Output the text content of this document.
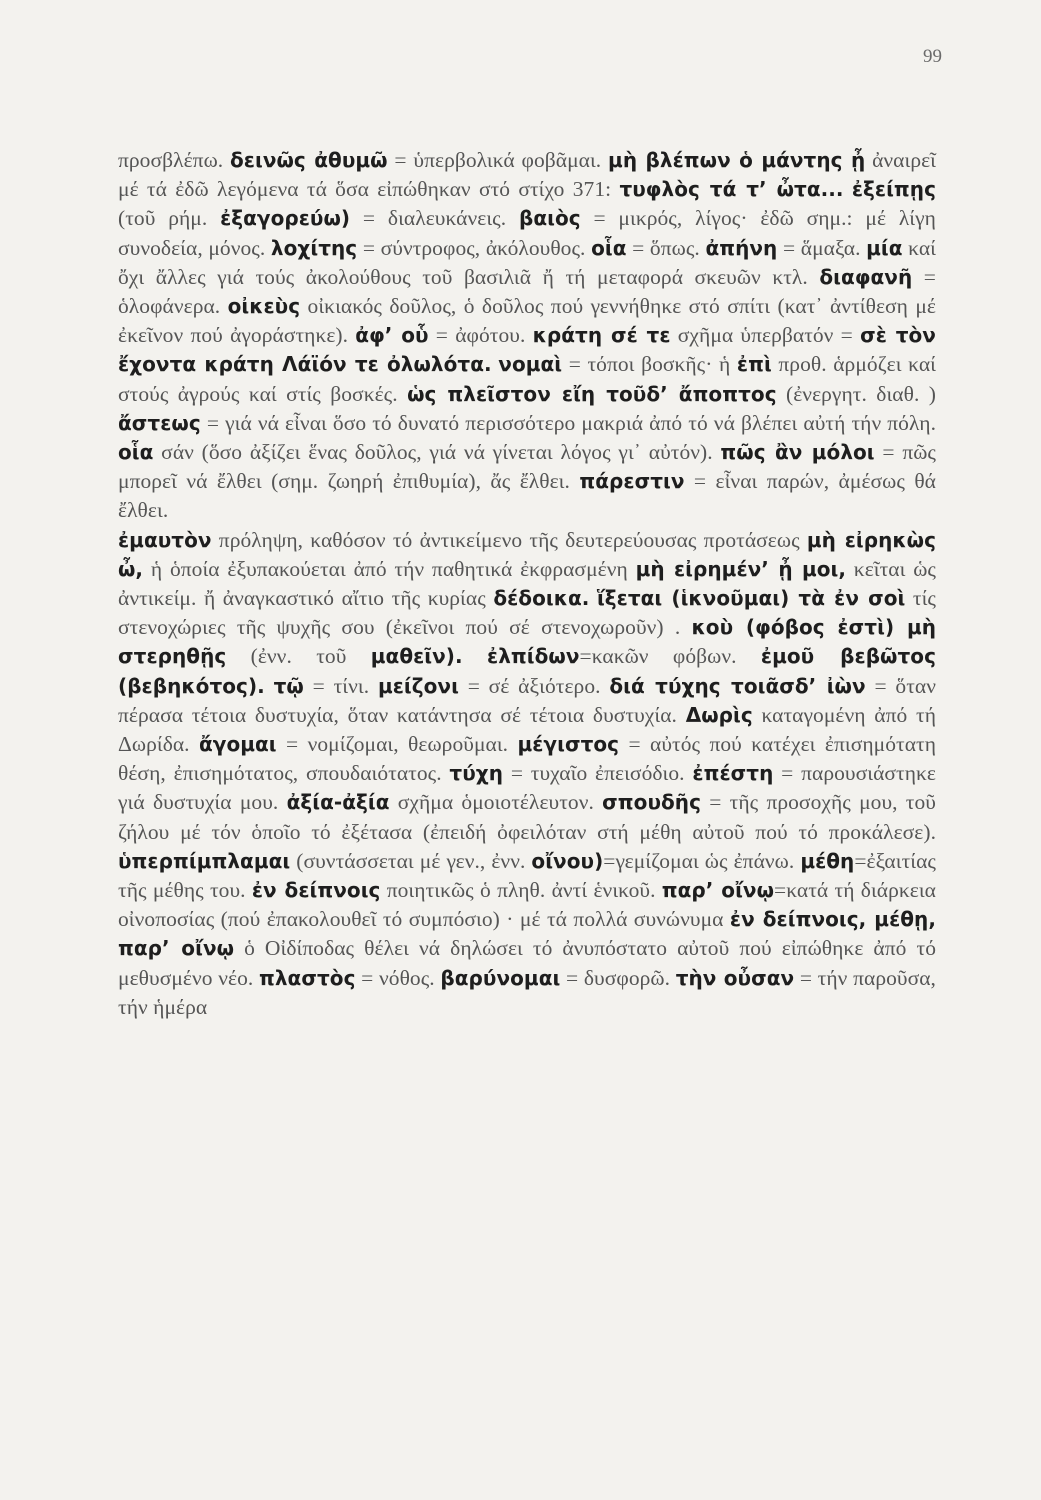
99

προσβλέπω. δεινῶς ἀθυμῶ = ὑπερβολικά φοβᾶμαι. μὴ βλέπων ὁ μάντης ᾖ ἀναιρεῖ μέ τά ἐδῶ λεγόμενα τά ὅσα εἰπώθηκαν στό στίχο 371: τυφλὸς τά τ’ ὦτα... ἐξείπῃς (τοῦ ρήμ. ἐξαγορεύω) = διαλευκάνεις. βαιὸς = μικρός, λίγος· ἐδῶ σημ.: μέ λίγη συνοδεία, μόνος. λοχίτης = σύντροφος, ἀκόλουθος. οἷα = ὅπως. ἀπήνη = ἅμαξα. μία καί ὄχι ἄλλες γιά τούς ἀκολούθους τοῦ βασιλιᾶ ἤ τή μεταφορά σκευῶν κτλ. διαφανῆ = ὁλοφάνερα. οἰκεὺς οἰκιακός δοῦλος, ὁ δοῦλος πού γεννήθηκε στό σπίτι (κατ᾽ ἀντίθεση μέ ἐκεῖνον πού ἀγοράστηκε). ἀφ’ οὗ = ἀφότου. κράτη σέ τε σχῆμα ὑπερβατόν = σὲ τὸν ἔχοντα κράτη Λάϊόν τε ὀλωλότα. νομαὶ = τόποι βοσκῆς· ἡ ἐπὶ προθ. ἁρμόζει καί στούς ἀγρούς καί στίς βοσκές. ὡς πλεῖστον εἴη τοῦδ’ ἄποπτος (ἐνεργητ. διαθ. ) ἄστεως = γιά νά εἶναι ὅσο τό δυνατό περισσότερο μακριά ἀπό τό νά βλέπει αὐτή τήν πόλη. οἷα σάν (ὅσο ἀξίζει ἕνας δοῦλος, γιά νά γίνεται λόγος γι᾽ αὐτόν). πῶς ἂν μόλοι = πῶς μπορεῖ νά ἔλθει (σημ. ζωηρή ἐπιθυμία), ἄς ἔλθει. πάρεστιν = εἶναι παρών, ἀμέσως θά ἔλθει.

ἐμαυτὸν πρόληψη, καθόσον τό ἀντικείμενο τῆς δευτερεύουσας προτάσεως μὴ εἰρηκὼς ὦ, ἡ ὁποία ἐξυπακούεται ἀπό τήν παθητικά ἐκφρασμένη μὴ εἰρημέν’ ᾖ μοι, κεῖται ὡς ἀντικείμ. ἤ ἀναγκαστικό αἴτιο τῆς κυρίας δέδοικα. ἵξεται (ἱκνοῦμαι) τὰ ἐν σοὶ τίς στενοχώριες τῆς ψυχῆς σου (ἐκεῖνοι πού σέ στενοχωροῦν) . κοὺ (φόβος ἐστὶ) μὴ στερηθῇς (ἐνν. τοῦ μαθεῖν). ἐλπίδων=κακῶν φόβων. ἐμοῦ βεβῶτος (βεβηκότος). τῷ = τίνι. μείζονι = σέ ἀξιότερο. διά τύχης τοιᾶσδ’ ἰὼν = ὅταν πέρασα τέτοια δυστυχία, ὅταν κατάντησα σέ τέτοια δυστυχία. Δωρὶς καταγομένη ἀπό τή Δωρίδα. ἄγομαι = νομίζομαι, θεωροῦμαι. μέγιστος = αὐτός πού κατέχει ἐπισημότατη θέση, ἐπισημότατος, σπουδαιότατος. τύχη = τυχαῖο ἐπεισόδιο. ἐπέστη = παρουσιάστηκε γιά δυστυχία μου. ἀξία-ἀξία σχῆμα ὁμοιοτέλευτον. σπουδῆς = τῆς προσοχῆς μου, τοῦ ζήλου μέ τόν ὁποῖο τό ἐξέτασα (ἐπειδή ὀφειλόταν στή μέθη αὐτοῦ πού τό προκάλεσε). ὑπερπίμπλαμαι (συντάσσεται μέ γεν., ἐνν. οἴνου)=γεμίζομαι ὡς ἐπάνω. μέθη=ἐξαιτίας τῆς μέθης του. ἐν δείπνοις ποιητικῶς ὁ πληθ. ἀντί ἑνικοῦ. παρ’ οἴνῳ=κατά τή διάρκεια οἰνοποσίας (πού ἐπακολουθεῖ τό συμπόσιο) · μέ τά πολλά συνώνυμα ἐν δείπνοις, μέθῃ, παρ’ οἴνῳ ὁ Οἰδίποδας θέλει νά δηλώσει τό ἀνυπόστατο αὐτοῦ πού εἰπώθηκε ἀπό τό μεθυσμένο νέο. πλαστὸς = νόθος. βαρύνομαι = δυσφορῶ. τὴν οὖσαν = τήν παροῦσα, τήν ἡμέρα
